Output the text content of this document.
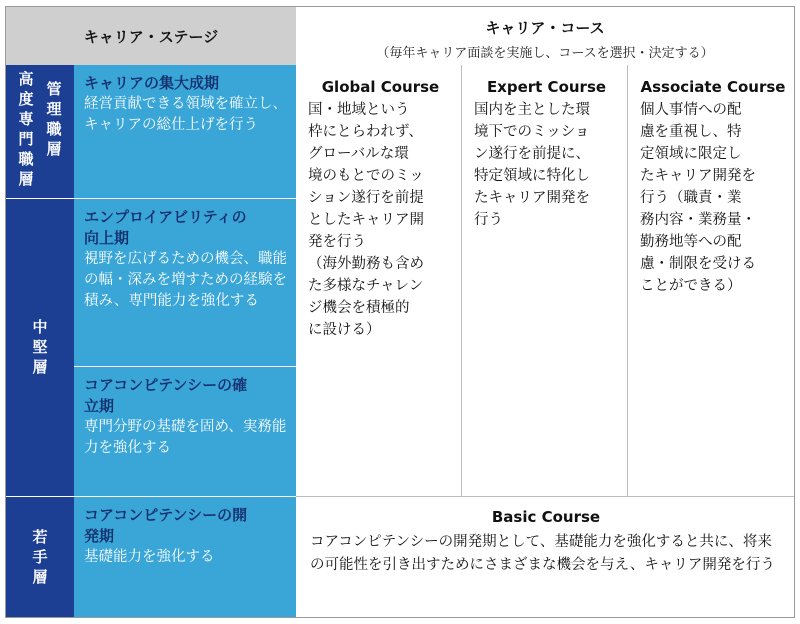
キャリア・ステージ	キャリア・コース
（毎年キャリア面談を実施し、コースを選択・決定する）
高
度
専
門
職
層
管
理
職
層
中
堅
層
若
手
層
キャリアの集大成期
経営貢献できる領域を確立し、キャリアの総仕上げを行う
エンプロイアビリティの向上期
視野を広げるための機会、職能の幅・深みを増すための経験を積み、専門能力を強化する
コアコンピテンシーの確立期
専門分野の基礎を固め、実務能力を強化する
コアコンピテンシーの開発期
基礎能力を強化する
Global Course
国・地域という
枠にとらわれず、
グローバルな環
境のもとでのミッ
ション遂行を前提
としたキャリア開
発を行う
（海外勤務も含め
た多様なチャレン
ジ機会を積極的
に設ける）
Expert Course
国内を主とした環
境下でのミッショ
ン遂行を前提に、
特定領域に特化し
たキャリア開発を
行う
Associate Course
個人事情への配
慮を重視し、特
定領域に限定し
たキャリア開発を
行う（職責・業
務内容・業務量・
勤務地等への配
慮・制限を受ける
ことができる）
Basic Course
コアコンピテンシーの開発期として、基礎能力を強化すると共に、将来の可能性を引き出すためにさまざまな機会を与え、キャリア開発を行う
